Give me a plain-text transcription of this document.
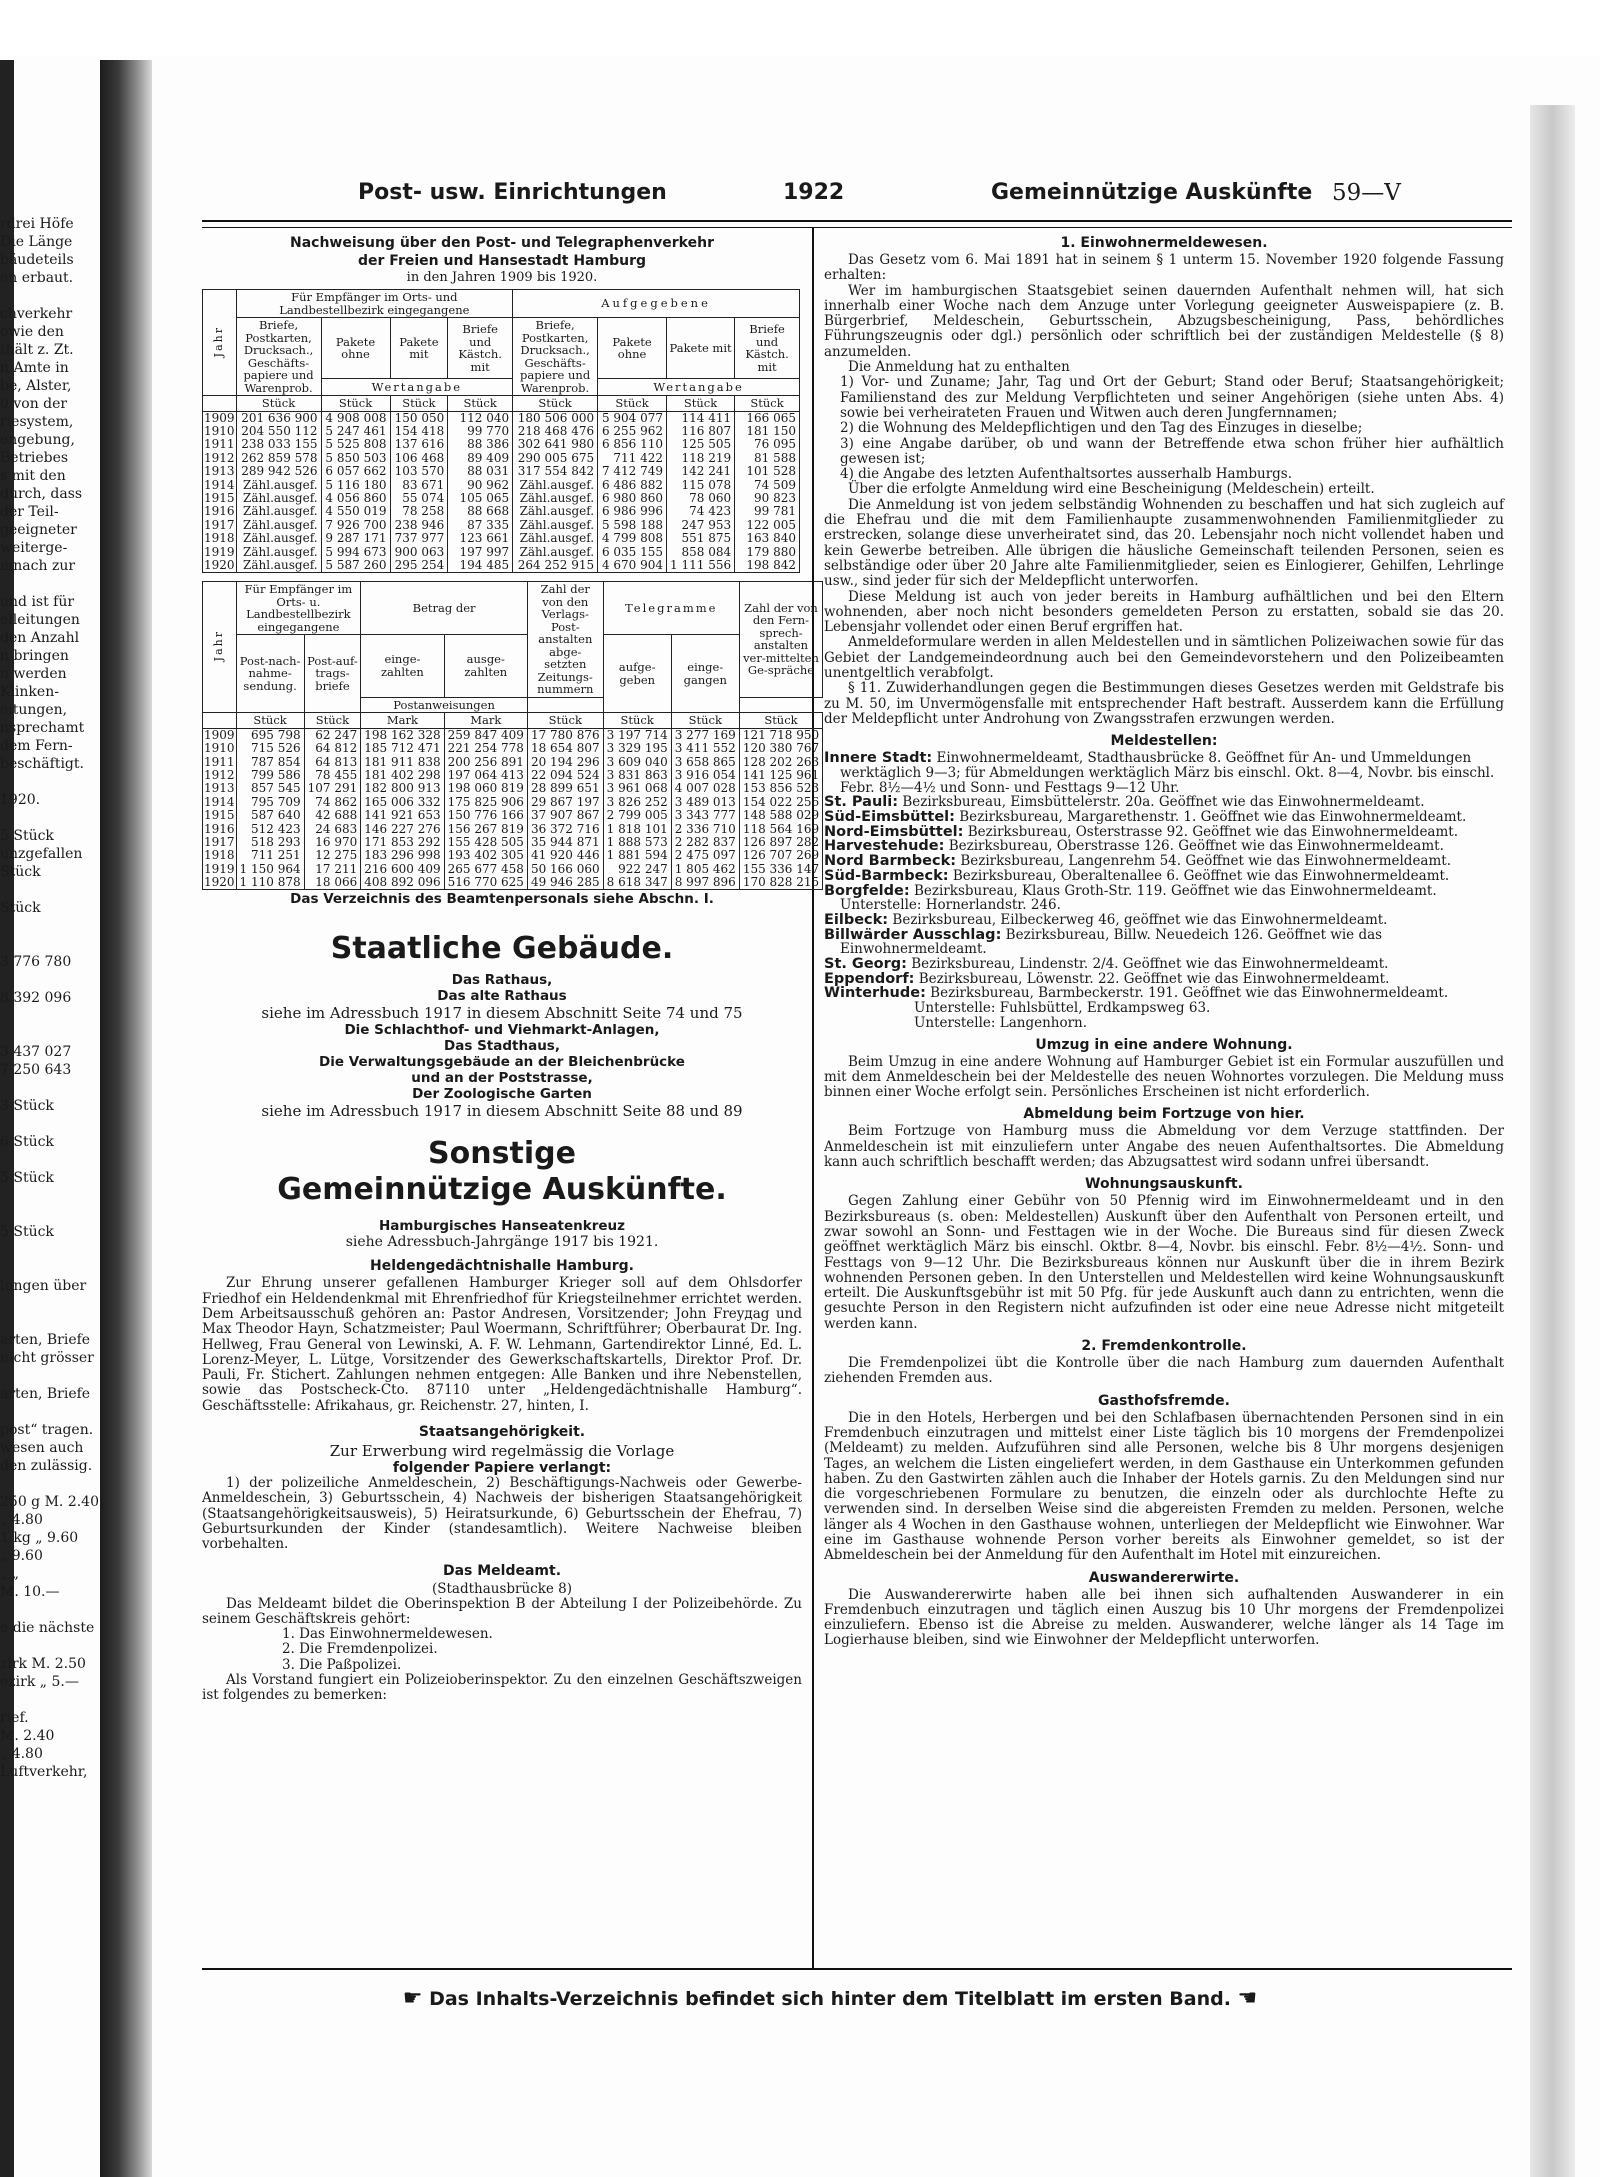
rdrei Höfe
Die Länge
bäudeteils
en erbaut.
chverkehr
owie den
thält z. Zt.
n Amte in
be, Alster,
0 von der
riesystem,
engebung,
Betriebes
s mit den
durch, dass
der Teil-
geeigneter
weiterge-
mnach zur
und ist für
elleitungen
den Anzahl
n bringen
n werden
Klinken-
eitungen,
nsprechamt
dem Fern-
beschäftigt.
1920.
5 Stück
unzgefallen
Stück
Stück
3 776 780
8 392 096
3 437 027
7 250 643
3 Stück
6 Stück
5 Stück
5 Stück
lungen über
arten, Briefe
nicht grösser
arten, Briefe
post“ tragen.
wesen auch
den zulässig.
250 g M. 2.40
„ 4.80
1 kg „ 9.60
„ 9.60
„ „
M. 10.—
e die nächste
zirk M. 2.50
ezirk „ 5.—
rief.
M. 2.40
„ 4.80
Luftverkehr,
Post- usw. Einrichtungen	1922	Gemeinnützige Auskünfte 59—V
Nachweisung über den Post- und Telegraphenverkehr
der Freien und Hansestadt Hamburg
in den Jahren 1909 bis 1920.
Jahr	Für Empfänger im Orts- und Landbestellbezirk eingegangene				Aufgegebene			
	Briefe, Postkarten, Drucksach., Geschäfts-papiere und Warenprob.	Pakete ohne	Pakete mit	Briefe und Kästch. mit	Briefe, Postkarten, Drucksach., Geschäfts-papiere und Warenprob.	Pakete ohne	Pakete mit	Briefe und Kästch. mit
		Wertangabe				Wertangabe		
	Stück	Stück	Stück	Stück	Stück	Stück	Stück	Stück
1909	201 636 900	4 908 008	150 050	112 040	180 506 000	5 904 077	114 411	166 065
1910	204 550 112	5 247 461	154 418	99 770	218 468 476	6 255 962	116 807	181 150
1911	238 033 155	5 525 808	137 616	88 386	302 641 980	6 856 110	125 505	76 095
1912	262 859 578	5 850 503	106 468	89 409	290 005 675	711 422	118 219	81 588
1913	289 942 526	6 057 662	103 570	88 031	317 554 842	7 412 749	142 241	101 528
1914	Zähl.ausgef.	5 116 180	83 671	90 962	Zähl.ausgef.	6 486 882	115 078	74 509
1915	Zähl.ausgef.	4 056 860	55 074	105 065	Zähl.ausgef.	6 980 860	78 060	90 823
1916	Zähl.ausgef.	4 550 019	78 258	88 668	Zähl.ausgef.	6 986 996	74 423	99 781
1917	Zähl.ausgef.	7 926 700	238 946	87 335	Zähl.ausgef.	5 598 188	247 953	122 005
1918	Zähl.ausgef.	9 287 171	737 977	123 661	Zähl.ausgef.	4 799 808	551 875	163 840
1919	Zähl.ausgef.	5 994 673	900 063	197 997	Zähl.ausgef.	6 035 155	858 084	179 880
1920	Zähl.ausgef.	5 587 260	295 254	194 485	264 252 915	4 670 904	1 111 556	198 842
Jahr	Für Empfänger im Orts- u. Landbestellbezirk eingegangene		Betrag der		Zahl der von den Verlags-Post-anstalten abge-setzten Zeitungs-nummern	Telegramme		Zahl der von den Fern-sprech-anstalten ver-mittelten Ge-spräche
	Post-nach-nahme-sendung.	Post-auf-trags-briefe	einge-zahlten	ausge-zahlten		aufge-geben	einge-gangen	
			Postanweisungen				
	Stück	Stück	Mark	Mark	Stück	Stück	Stück	Stück
1909	695 798	62 247	198 162 328	259 847 409	17 780 876	3 197 714	3 277 169	121 718 950
1910	715 526	64 812	185 712 471	221 254 778	18 654 807	3 329 195	3 411 552	120 380 767
1911	787 854	64 813	181 911 838	200 256 891	20 194 296	3 609 040	3 658 865	128 202 263
1912	799 586	78 455	181 402 298	197 064 413	22 094 524	3 831 863	3 916 054	141 125 961
1913	857 545	107 291	182 800 913	198 060 819	28 899 651	3 961 068	4 007 028	153 856 523
1914	795 709	74 862	165 006 332	175 825 906	29 867 197	3 826 252	3 489 013	154 022 256
1915	587 640	42 688	141 921 653	150 776 166	37 907 867	2 799 005	3 343 777	148 588 029
1916	512 423	24 683	146 227 276	156 267 819	36 372 716	1 818 101	2 336 710	118 564 169
1917	518 293	16 970	171 853 292	155 428 505	35 944 871	1 888 573	2 282 837	126 897 282
1918	711 251	12 275	183 296 998	193 402 305	41 920 446	1 881 594	2 475 097	126 707 269
1919	1 150 964	17 211	216 600 409	265 677 458	50 166 060	922 247	1 805 462	155 336 147
1920	1 110 878	18 066	408 892 096	516 770 625	49 946 285	8 618 347	8 997 896	170 828 215
Das Verzeichnis des Beamtenpersonals siehe Abschn. I.
Staatliche Gebäude.
Das Rathaus,
Das alte Rathaus
siehe im Adressbuch 1917 in diesem Abschnitt Seite 74 und 75
Die Schlachthof- und Viehmarkt-Anlagen,
Das Stadthaus,
Die Verwaltungsgebäude an der Bleichenbrücke
und an der Poststrasse,
Der Zoologische Garten
siehe im Adressbuch 1917 in diesem Abschnitt Seite 88 und 89
Sonstige
Gemeinnützige Auskünfte.
Hamburgisches Hanseatenkreuz
siehe Adressbuch-Jahrgänge 1917 bis 1921.
Heldengedächtnishalle Hamburg.

Zur Ehrung unserer gefallenen Hamburger Krieger soll auf dem Ohlsdorfer Friedhof ein Heldendenkmal mit Ehrenfriedhof für Kriegsteilnehmer errichtet werden. Dem Arbeitsausschuß gehören an: Pastor Andresen, Vorsitzender; John Freyдag und Max Theodor Hayn, Schatzmeister; Paul Woermann, Schriftführer; Oberbaurat Dr. Ing. Hellweg, Frau General von Lewinski, A. F. W. Lehmann, Gartendirektor Linné, Ed. L. Lorenz-Meyer, L. Lütge, Vorsitzender des Gewerkschaftskartells, Direktor Prof. Dr. Pauli, Fr. Stichert. Zahlungen nehmen entgegen: Alle Banken und ihre Nebenstellen, sowie das Postscheck-Cto. 87110 unter „Heldengedächtnishalle Hamburg“. Geschäftsstelle: Afrikahaus, gr. Reichenstr. 27, hinten, I.

Staatsangehörigkeit.
Zur Erwerbung wird regelmässig die Vorlage
folgender Papiere verlangt:

1) der polizeiliche Anmeldeschein, 2) Beschäftigungs-Nachweis oder Gewerbe-Anmeldeschein, 3) Geburtsschein, 4) Nachweis der bisherigen Staatsangehörigkeit (Staatsangehörigkeitsausweis), 5) Heiratsurkunde, 6) Geburtsschein der Ehefrau, 7) Geburtsurkunden der Kinder (standesamtlich). Weitere Nachweise bleiben vorbehalten.

Das Meldeamt.
(Stadthausbrücke 8)

Das Meldeamt bildet die Oberinspektion B der Abteilung I der Polizeibehörde. Zu seinem Geschäftskreis gehört:

1. Das Einwohnermeldewesen.

2. Die Fremdenpolizei.

3. Die Paßpolizei.

Als Vorstand fungiert ein Polizeioberinspektor. Zu den einzelnen Geschäftszweigen ist folgendes zu bemerken:

1. Einwohnermeldewesen.

Das Gesetz vom 6. Mai 1891 hat in seinem § 1 unterm 15. November 1920 folgende Fassung erhalten:

Wer im hamburgischen Staatsgebiet seinen dauernden Aufenthalt nehmen will, hat sich innerhalb einer Woche nach dem Anzuge unter Vorlegung geeigneter Ausweispapiere (z. B. Bürgerbrief, Meldeschein, Geburtsschein, Abzugsbescheinigung, Pass, behördliches Führungszeugnis oder dgl.) persönlich oder schriftlich bei der zuständigen Meldestelle (§ 8) anzumelden.

Die Anmeldung hat zu enthalten

1) Vor- und Zuname; Jahr, Tag und Ort der Geburt; Stand oder Beruf; Staatsangehörigkeit; Familienstand des zur Meldung Verpflichteten und seiner Angehörigen (siehe unten Abs. 4) sowie bei verheirateten Frauen und Witwen auch deren Jungfernnamen;

2) die Wohnung des Meldepflichtigen und den Tag des Einzuges in dieselbe;

3) eine Angabe darüber, ob und wann der Betreffende etwa schon früher hier aufhältlich gewesen ist;

4) die Angabe des letzten Aufenthaltsortes ausserhalb Hamburgs.

Über die erfolgte Anmeldung wird eine Bescheinigung (Meldeschein) erteilt.

Die Anmeldung ist von jedem selbständig Wohnenden zu beschaffen und hat sich zugleich auf die Ehefrau und die mit dem Familienhaupte zusammenwohnenden Familienmitglieder zu erstrecken, solange diese unverheiratet sind, das 20. Lebensjahr noch nicht vollendet haben und kein Gewerbe betreiben. Alle übrigen die häusliche Gemeinschaft teilenden Personen, seien es selbständige oder über 20 Jahre alte Familienmitglieder, seien es Einlogierer, Gehilfen, Lehrlinge usw., sind jeder für sich der Meldepflicht unterworfen.

Diese Meldung ist auch von jeder bereits in Hamburg aufhältlichen und bei den Eltern wohnenden, aber noch nicht besonders gemeldeten Person zu erstatten, sobald sie das 20. Lebensjahr vollendet oder einen Beruf ergriffen hat.

Anmeldeformulare werden in allen Meldestellen und in sämtlichen Polizeiwachen sowie für das Gebiet der Landgemeindeordnung auch bei den Gemeindevorstehern und den Polizeibeamten unentgeltlich verabfolgt.

§ 11. Zuwiderhandlungen gegen die Bestimmungen dieses Gesetzes werden mit Geldstrafe bis zu M. 50, im Unvermögensfalle mit entsprechender Haft bestraft. Ausserdem kann die Erfüllung der Meldepflicht unter Androhung von Zwangsstrafen erzwungen werden.

Meldestellen:
Innere Stadt: Einwohnermeldeamt, Stadthausbrücke 8. Geöffnet für An- und Ummeldungen werktäglich 9—3; für Abmeldungen werktäglich März bis einschl. Okt. 8—4, Novbr. bis einschl. Febr. 8½—4½ und Sonn- und Festtags 9—12 Uhr.
St. Pauli: Bezirksbureau, Eimsbüttelerstr. 20a. Geöffnet wie das Einwohnermeldeamt.
Süd-Eimsbüttel: Bezirksbureau, Margarethenstr. 1. Geöffnet wie das Einwohnermeldeamt.
Nord-Eimsbüttel: Bezirksbureau, Osterstrasse 92. Geöffnet wie das Einwohnermeldeamt.
Harvestehude: Bezirksbureau, Oberstrasse 126. Geöffnet wie das Einwohnermeldeamt.
Nord Barmbeck: Bezirksbureau, Langenrehm 54. Geöffnet wie das Einwohnermeldeamt.
Süd-Barmbeck: Bezirksbureau, Oberaltenallee 6. Geöffnet wie das Einwohnermeldeamt.
Borgfelde: Bezirksbureau, Klaus Groth-Str. 119. Geöffnet wie das Einwohnermeldeamt. Unterstelle: Hornerlandstr. 246.
Eilbeck: Bezirksbureau, Eilbeckerweg 46, geöffnet wie das Einwohnermeldeamt.
Billwärder Ausschlag: Bezirksbureau, Billw. Neuedeich 126. Geöffnet wie das Einwohnermeldeamt.
St. Georg: Bezirksbureau, Lindenstr. 2/4. Geöffnet wie das Einwohnermeldeamt.
Eppendorf: Bezirksbureau, Löwenstr. 22. Geöffnet wie das Einwohnermeldeamt.
Winterhude: Bezirksbureau, Barmbeckerstr. 191. Geöffnet wie das Einwohnermeldeamt.
Unterstelle: Fuhlsbüttel, Erdkampsweg 63.
Unterstelle: Langenhorn.
Umzug in eine andere Wohnung.

Beim Umzug in eine andere Wohnung auf Hamburger Gebiet ist ein Formular auszufüllen und mit dem Anmeldeschein bei der Meldestelle des neuen Wohnortes vorzulegen. Die Meldung muss binnen einer Woche erfolgt sein. Persönliches Erscheinen ist nicht erforderlich.

Abmeldung beim Fortzuge von hier.

Beim Fortzuge von Hamburg muss die Abmeldung vor dem Verzuge stattfinden. Der Anmeldeschein ist mit einzuliefern unter Angabe des neuen Aufenthaltsortes. Die Abmeldung kann auch schriftlich beschafft werden; das Abzugsattest wird sodann unfrei übersandt.

Wohnungsauskunft.

Gegen Zahlung einer Gebühr von 50 Pfennig wird im Einwohnermeldeamt und in den Bezirksbureaus (s. oben: Meldestellen) Auskunft über den Aufenthalt von Personen erteilt, und zwar sowohl an Sonn- und Festtagen wie in der Woche. Die Bureaus sind für diesen Zweck geöffnet werktäglich März bis einschl. Oktbr. 8—4, Novbr. bis einschl. Febr. 8½—4½. Sonn- und Festtags von 9—12 Uhr. Die Bezirksbureaus können nur Auskunft über die in ihrem Bezirk wohnenden Personen geben. In den Unterstellen und Meldestellen wird keine Wohnungsauskunft erteilt. Die Auskunftsgebühr ist mit 50 Pfg. für jede Auskunft auch dann zu entrichten, wenn die gesuchte Person in den Registern nicht aufzufinden ist oder eine neue Adresse nicht mitgeteilt werden kann.

2. Fremdenkontrolle.

Die Fremdenpolizei übt die Kontrolle über die nach Hamburg zum dauernden Aufenthalt ziehenden Fremden aus.

Gasthofsfremde.

Die in den Hotels, Herbergen und bei den Schlafbasen übernachtenden Personen sind in ein Fremdenbuch einzutragen und mittelst einer Liste täglich bis 10 morgens der Fremdenpolizei (Meldeamt) zu melden. Aufzuführen sind alle Personen, welche bis 8 Uhr morgens desjenigen Tages, an welchem die Listen eingeliefert werden, in dem Gasthause ein Unterkommen gefunden haben. Zu den Gastwirten zählen auch die Inhaber der Hotels garnis. Zu den Meldungen sind nur die vorgeschriebenen Formulare zu benutzen, die einzeln oder als durchlochte Hefte zu verwenden sind. In derselben Weise sind die abgereisten Fremden zu melden. Personen, welche länger als 4 Wochen in den Gasthause wohnen, unterliegen der Meldepflicht wie Einwohner. War eine im Gasthause wohnende Person vorher bereits als Einwohner gemeldet, so ist der Abmeldeschein bei der Anmeldung für den Aufenthalt im Hotel mit einzureichen.

Auswandererwirte.

Die Auswandererwirte haben alle bei ihnen sich aufhaltenden Auswanderer in ein Fremdenbuch einzutragen und täglich einen Auszug bis 10 Uhr morgens der Fremdenpolizei einzuliefern. Ebenso ist die Abreise zu melden. Auswanderer, welche länger als 14 Tage im Logierhause bleiben, sind wie Einwohner der Meldepflicht unterworfen.

☛ Das Inhalts-Verzeichnis befindet sich hinter dem Titelblatt im ersten Band. ☚
